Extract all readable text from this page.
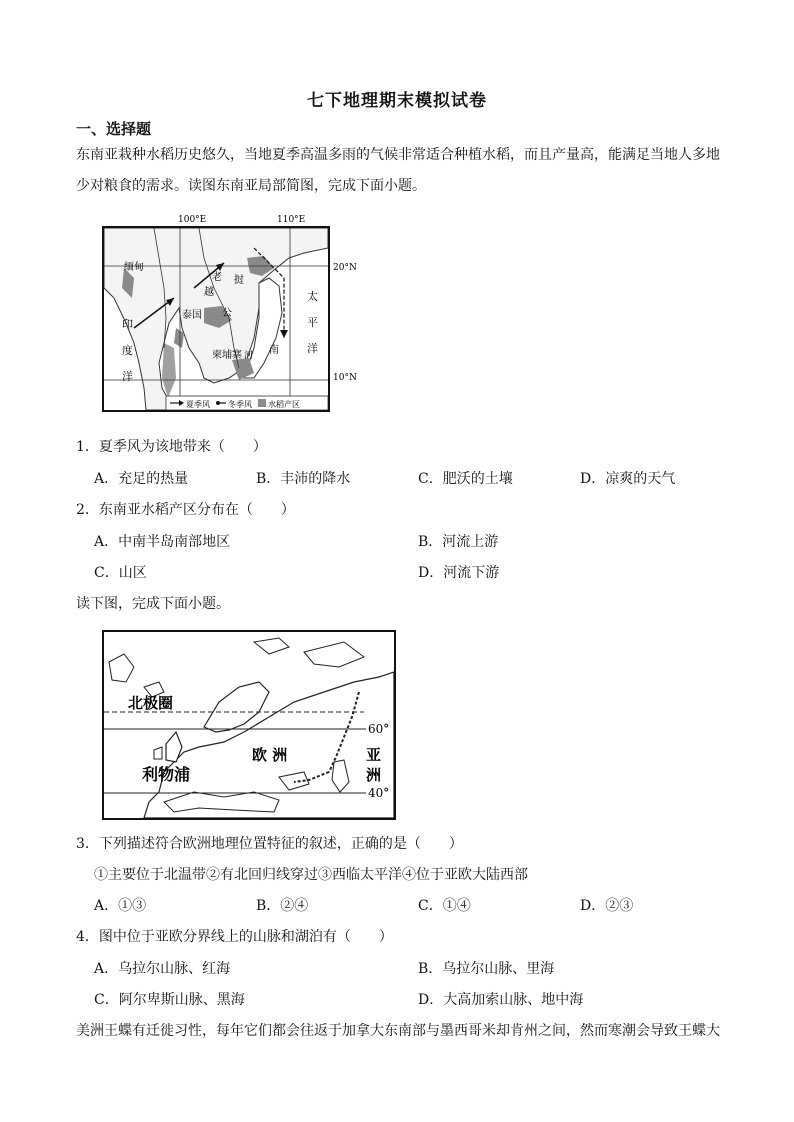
七下地理期末模拟试卷
一、选择题
东南亚栽种水稻历史悠久，当地夏季高温多雨的气候非常适合种植水稻，而且产量高，能满足当地人多地
少对粮食的需求。读图东南亚局部简图，完成下面小题。
100°E	110°E
20°N
10°N
夏季风 冬季风 水稻产区
缅甸
老 挝
越
泰国 公
柬埔寨 河 南
印
度
洋
太
平
洋
1．夏季风为该地带来（　　）
A．充足的热量	B．丰沛的降水	C．肥沃的土壤	D．凉爽的天气
2．东南亚水稻产区分布在（　　）
A．中南半岛南部地区	B．河流上游
C．山区	D．河流下游
读下图，完成下面小题。
北极圈
60°
40°
欧 洲	亚
洲
利物浦
3．下列描述符合欧洲地理位置特征的叙述，正确的是（　　）
①主要位于北温带②有北回归线穿过③西临太平洋④位于亚欧大陆西部
A．①③	B．②④	C．①④	D．②③
4．图中位于亚欧分界线上的山脉和湖泊有（　　）
A．乌拉尔山脉、红海	B．乌拉尔山脉、里海
C．阿尔卑斯山脉、黑海	D．大高加索山脉、地中海
美洲王蝶有迁徙习性，每年它们都会往返于加拿大东南部与墨西哥米却肯州之间，然而寒潮会导致王蝶大
